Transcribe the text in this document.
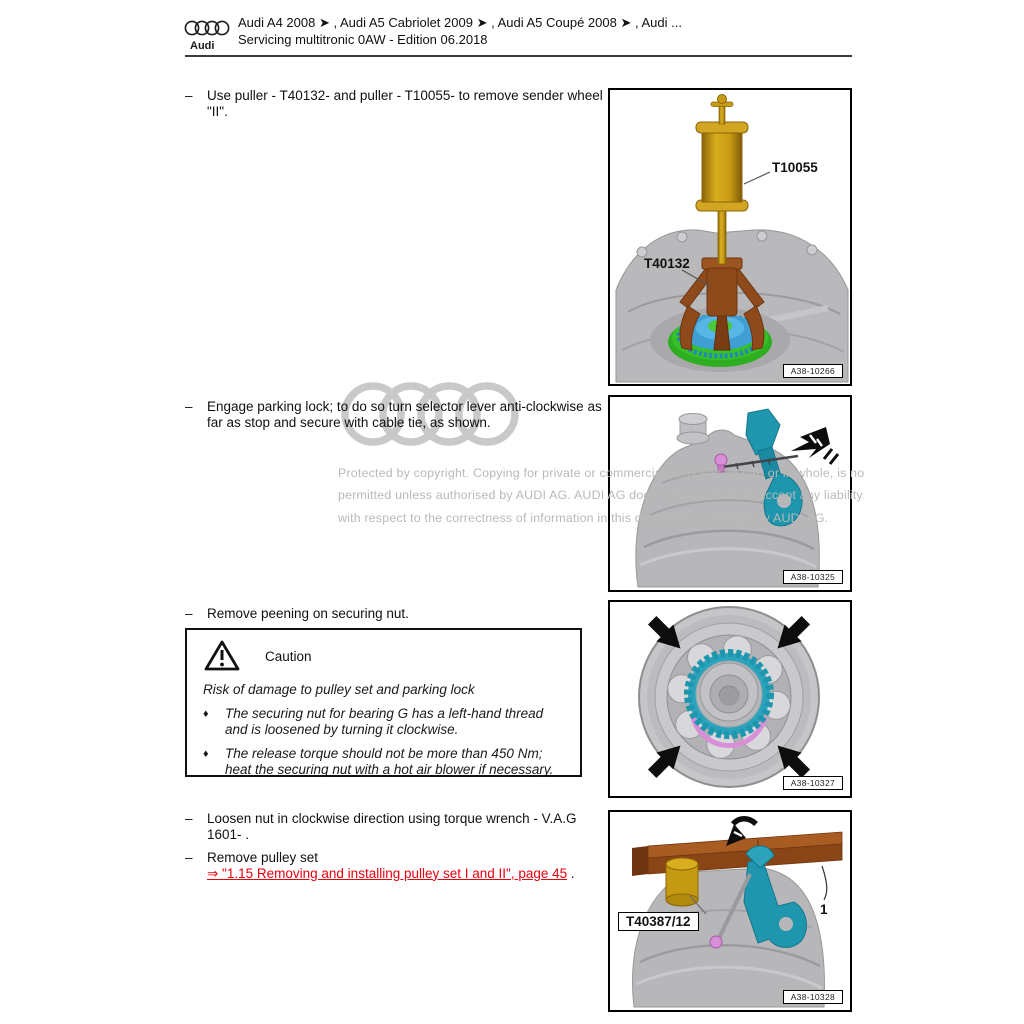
Audi
Audi A4 2008 ➤ , Audi A5 Cabriolet 2009 ➤ , Audi A5 Coupé 2008 ➤ , Audi ...
Servicing multitronic 0AW - Edition 06.2018
–	Use puller - T40132- and puller - T10055- to remove sender wheel "II".
–	Engage parking lock; to do so turn selector lever anti-clockwise as far as stop and secure with cable tie, as shown.
–	Remove peening on securing nut.
–	Loosen nut in clockwise direction using torque wrench - V.A.G 1601- .
–	Remove pulley set
⇒ "1.15 Removing and installing pulley set I and II", page 45 .
Caution
Risk of damage to pulley set and parking lock
♦	The securing nut for bearing G has a left-hand thread and is loosened by turning it clockwise.
♦	The release torque should not be more than 450 Nm; heat the securing nut with a hot air blower if necessary.
T10055
T40132
A38-10266
A38-10325
A38-10327
T40387/12
1
A38-10328
Protected by copyright. Copying for private or commercial purposes, in part or in whole, is no
permitted unless authorised by AUDI AG. AUDI AG does not guarantee or accept any liability
with respect to the correctness of information in this document. Copyright by AUDI AG.
